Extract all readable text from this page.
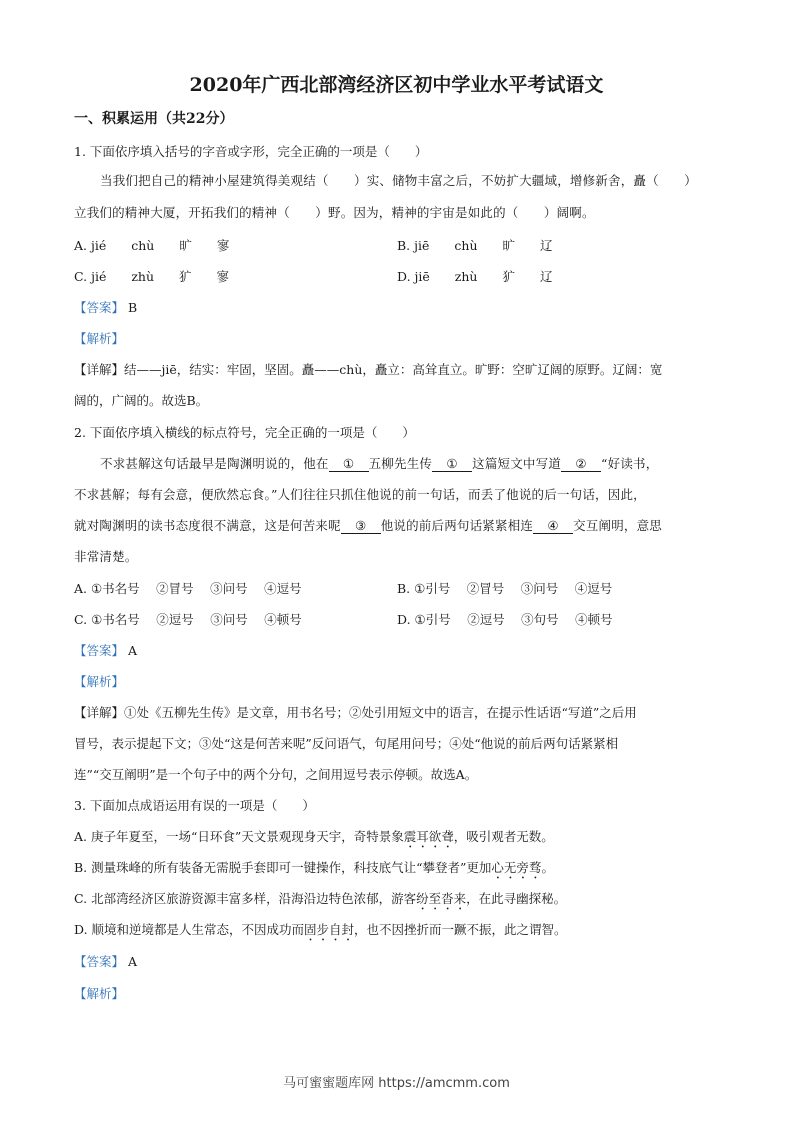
2020年广西北部湾经济区初中学业水平考试语文
一、积累运用（共22分）
1. 下面依序填入括号的字音或字形，完全正确的一项是（　　）
当我们把自己的精神小屋建筑得美观结（　　）实、储物丰富之后，不妨扩大疆域，增修新舍，矗（　　）
立我们的精神大厦，开拓我们的精神（　　）野。因为，精神的宇宙是如此的（　　）阔啊。
A. jié　　chù　　旷　　寥	B. jiē　　chù　　旷　　辽
C. jié　　zhù　　犷　　寥	D. jiē　　zhù　　犷　　辽
【答案】 B
【解析】
【详解】结——jiē，结实：牢固，坚固。矗——chù，矗立：高耸直立。旷野：空旷辽阔的原野。辽阔：宽
阔的，广阔的。故选B。
2. 下面依序填入横线的标点符号，完全正确的一项是（　　）
不求甚解这句话最早是陶渊明说的，他在 ① 五柳先生传 ① 这篇短文中写道 ② “好读书，
不求甚解；每有会意，便欣然忘食。”人们往往只抓住他说的前一句话，而丢了他说的后一句话，因此，
就对陶渊明的读书态度很不满意，这是何苦来呢 ③ 他说的前后两句话紧紧相连 ④ 交互阐明，意思
非常清楚。
A. ①书名号　 ②冒号　 ③问号　 ④逗号	B. ①引号　 ②冒号　 ③问号　 ④逗号
C. ①书名号　 ②逗号　 ③问号　 ④顿号	D. ①引号　 ②逗号　 ③句号　 ④顿号
【答案】 A
【解析】
【详解】①处《五柳先生传》是文章，用书名号；②处引用短文中的语言，在提示性话语“写道”之后用
冒号，表示提起下文；③处“这是何苦来呢”反问语气，句尾用问号；④处“他说的前后两句话紧紧相
连”“交互阐明”是一个句子中的两个分句，之间用逗号表示停顿。故选A。
3. 下面加点成语运用有误的一项是（　　）
A. 庚子年夏至，一场“日环食”天文景观现身天宇，奇特景象震耳欲聋，吸引观者无数。
B. 测量珠峰的所有装备无需脱手套即可一键操作，科技底气让“攀登者”更加心无旁骛。
C. 北部湾经济区旅游资源丰富多样，沿海沿边特色浓郁，游客纷至沓来，在此寻幽探秘。
D. 顺境和逆境都是人生常态，不因成功而固步自封，也不因挫折而一蹶不振，此之谓智。
【答案】 A
【解析】
马可蜜蜜题库网 https://amcmm.com
